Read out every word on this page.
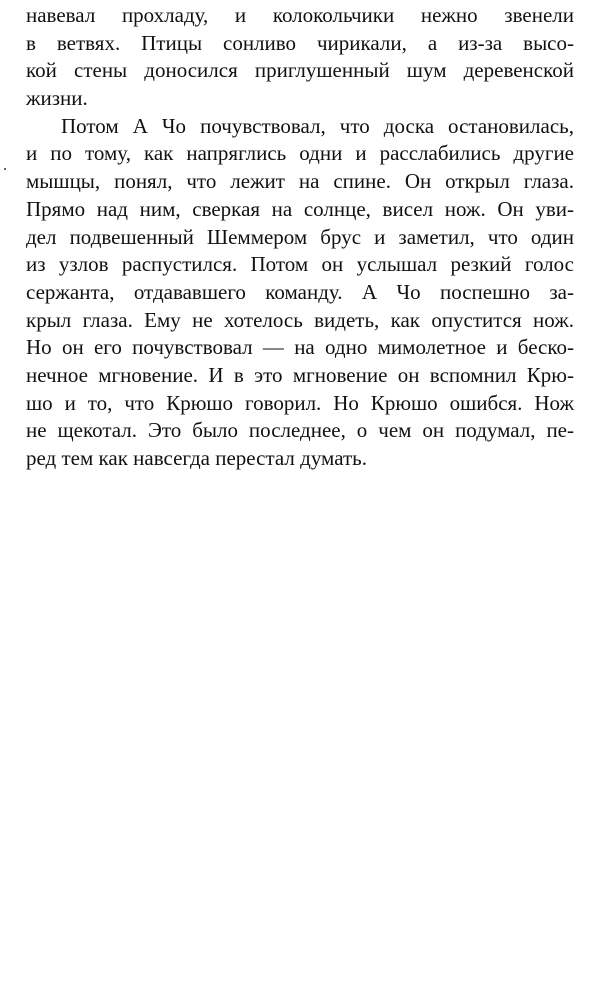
навевал прохладу, и колокольчики нежно звенели
в ветвях. Птицы сонливо чирикали, а из-за высо-
кой стены доносился приглушенный шум деревенской
жизни.
Потом А Чо почувствовал, что доска остановилась,
и по тому, как напряглись одни и расслабились другие
мышцы, понял, что лежит на спине. Он открыл глаза.
Прямо над ним, сверкая на солнце, висел нож. Он уви-
дел подвешенный Шеммером брус и заметил, что один
из узлов распустился. Потом он услышал резкий голос
сержанта, отдававшего команду. А Чо поспешно за-
крыл глаза. Ему не хотелось видеть, как опустится нож.
Но он его почувствовал — на одно мимолетное и беско-
нечное мгновение. И в это мгновение он вспомнил Крю-
шо и то, что Крюшо говорил. Но Крюшо ошибся. Нож
не щекотал. Это было последнее, о чем он подумал, пе-
ред тем как навсегда перестал думать.
